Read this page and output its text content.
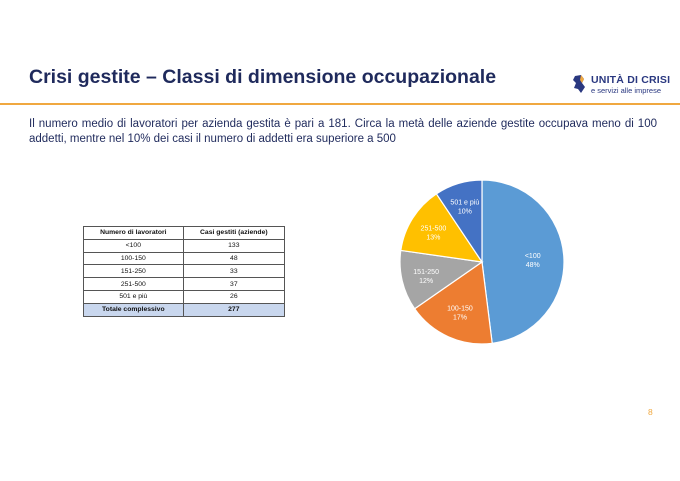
Crisi gestite – Classi di dimensione occupazionale	UNITÀ DI CRISI
e servizi alle imprese
Il numero medio di lavoratori per azienda gestita è pari a 181. Circa la metà delle aziende gestite occupava meno di 100 addetti, mentre nel 10% dei casi il numero di addetti era superiore a 500
Numero di lavoratori	Casi gestiti (aziende)
<100	133
100-150	48
151-250	33
251-500	37
501 e più	26
Totale complessivo	277
<100
48%
100-150
17%
151-250
12%
251-500
13%
501 e più
10%
8
